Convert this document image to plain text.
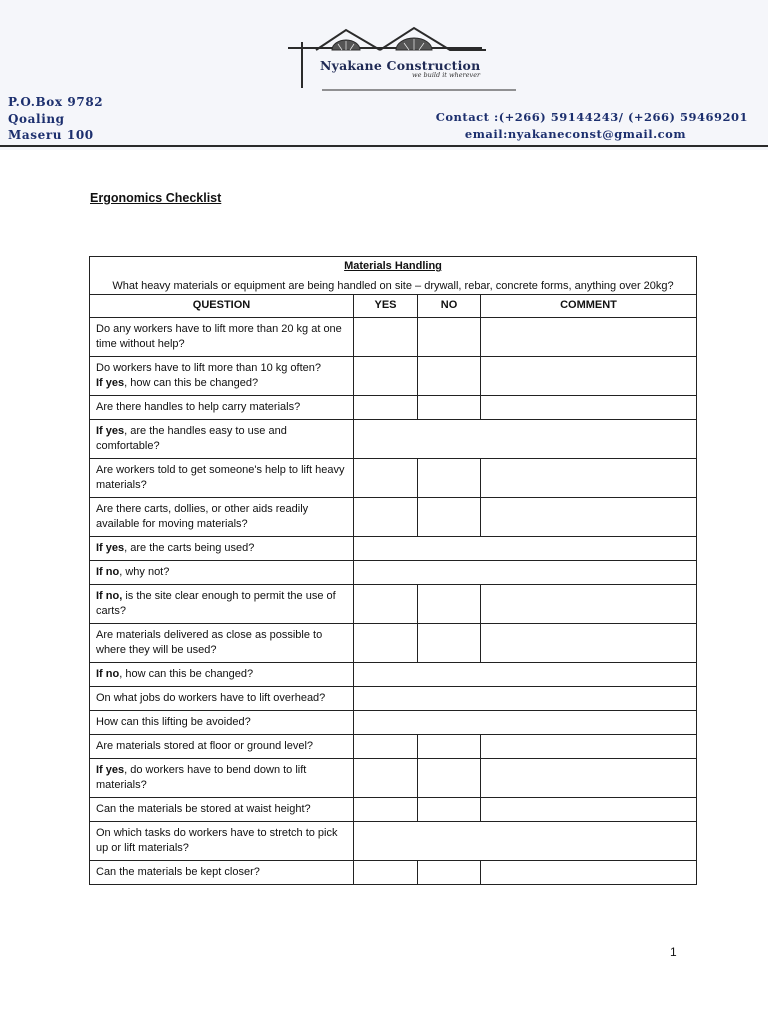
Nyakane Construction
we build it wherever
P.O.Box 9782
Qoaling
Maseru 100
Contact :(+266) 59144243/ (+266) 59469201
email:nyakaneconst@gmail.com
Ergonomics Checklist
Materials Handling
What heavy materials or equipment are being handled on site – drywall, rebar, concrete forms, anything over 20kg?			

QUESTION	YES	NO	COMMENT
Do any workers have to lift more than 20 kg at one time without help?			
Do workers have to lift more than 10 kg often?
If yes, how can this be changed?			
Are there handles to help carry materials?			
If yes, are the handles easy to use and comfortable?			
Are workers told to get someone's help to lift heavy materials?			
Are there carts, dollies, or other aids readily available for moving materials?			
If yes, are the carts being used?			
If no, why not?			
If no, is the site clear enough to permit the use of carts?			
Are materials delivered as close as possible to where they will be used?			
If no, how can this be changed?			
On what jobs do workers have to lift overhead?			
How can this lifting be avoided?			
Are materials stored at floor or ground level?			
If yes, do workers have to bend down to lift materials?			
Can the materials be stored at waist height?			
On which tasks do workers have to stretch to pick up or lift materials?			
Can the materials be kept closer?			
1
